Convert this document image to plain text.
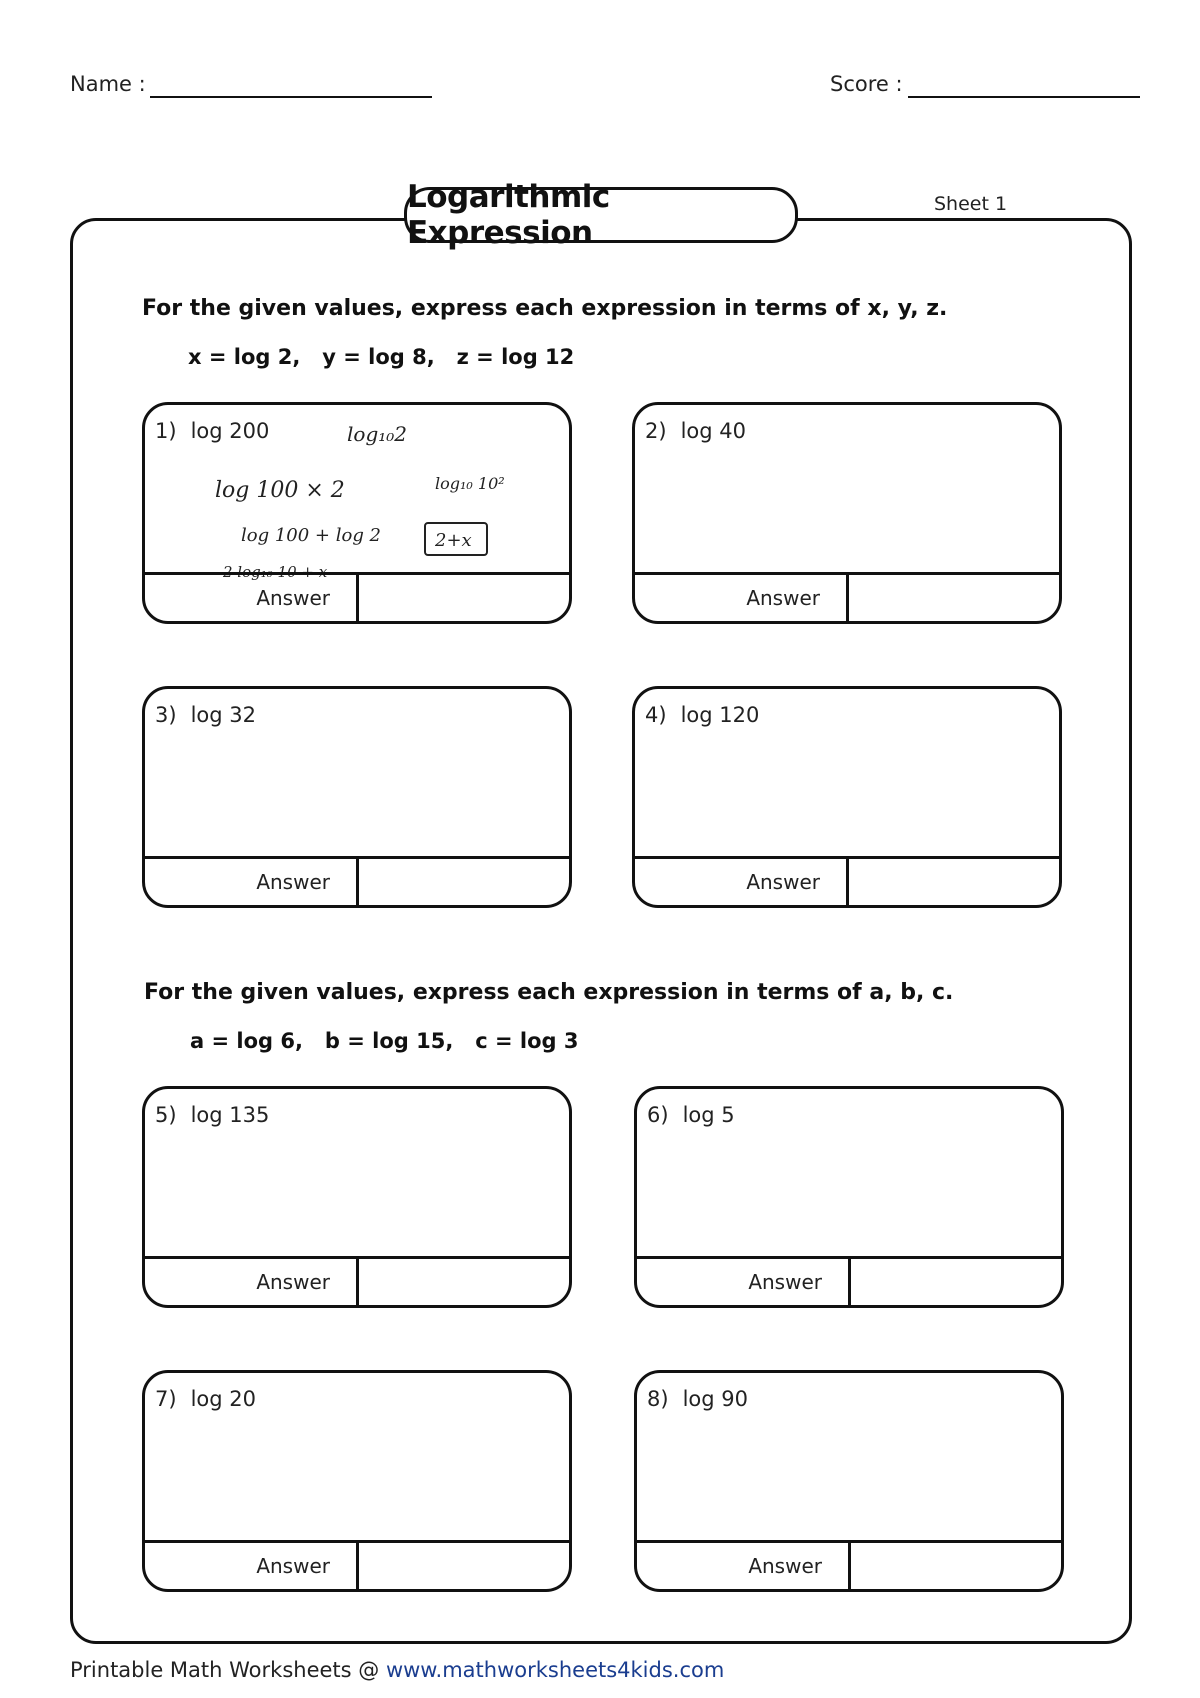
Name :	Score :
Logarithmic Expression
Sheet 1
For the given values, express each expression in terms of x, y, z.
x = log 2,   y = log 8,   z = log 12
1) log 200	log₁₀2
log 100 × 2	log₁₀ 10²
log 100 + log 2	2+x
2 log₁₀ 10 + x
Answer
2) log 40
Answer
3) log 32
Answer
4) log 120
Answer
For the given values, express each expression in terms of a, b, c.
a = log 6,   b = log 15,   c = log 3
5) log 135
Answer
6) log 5
Answer
7) log 20
Answer
8) log 90
Answer
Printable Math Worksheets @ www.mathworksheets4kids.com
